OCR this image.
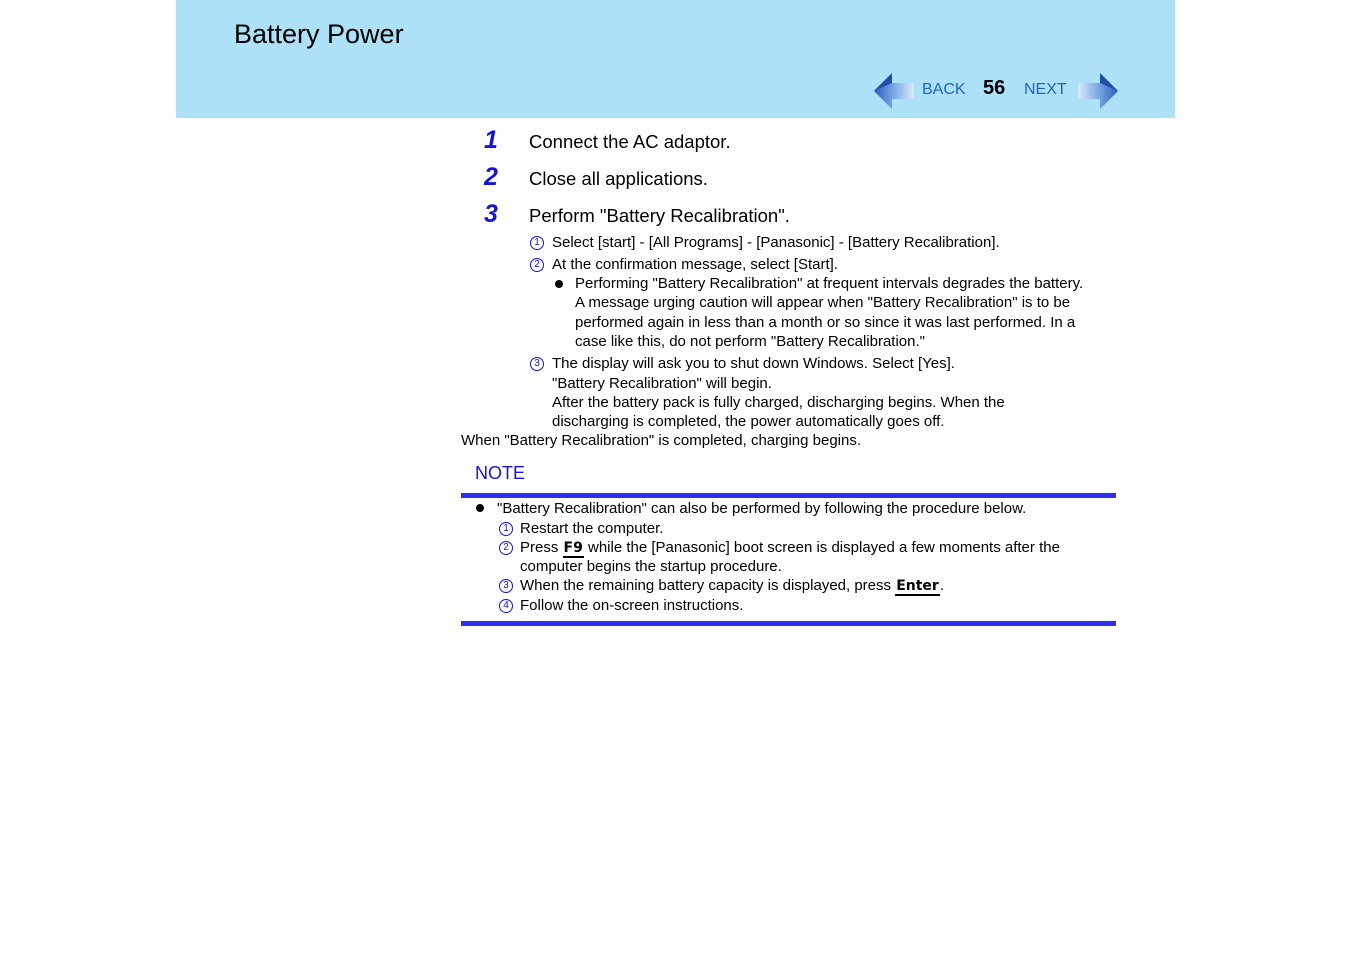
Battery Power
BACK 56 NEXT
1 Connect the AC adaptor.
2 Close all applications.
3 Perform "Battery Recalibration".
1 Select [start] - [All Programs] - [Panasonic] - [Battery Recalibration].
2 At the confirmation message, select [Start].
Performing "Battery Recalibration" at frequent intervals degrades the battery.
A message urging caution will appear when "Battery Recalibration" is to be
performed again in less than a month or so since it was last performed. In a
case like this, do not perform "Battery Recalibration."
3 The display will ask you to shut down Windows. Select [Yes].
"Battery Recalibration" will begin.
After the battery pack is fully charged, discharging begins. When the
discharging is completed, the power automatically goes off.
When "Battery Recalibration" is completed, charging begins.
NOTE
"Battery Recalibration" can also be performed by following the procedure below.
1 Restart the computer.
2 Press F9 while the [Panasonic] boot screen is displayed a few moments after the
computer begins the startup procedure.
3 When the remaining battery capacity is displayed, press Enter.
4 Follow the on-screen instructions.
